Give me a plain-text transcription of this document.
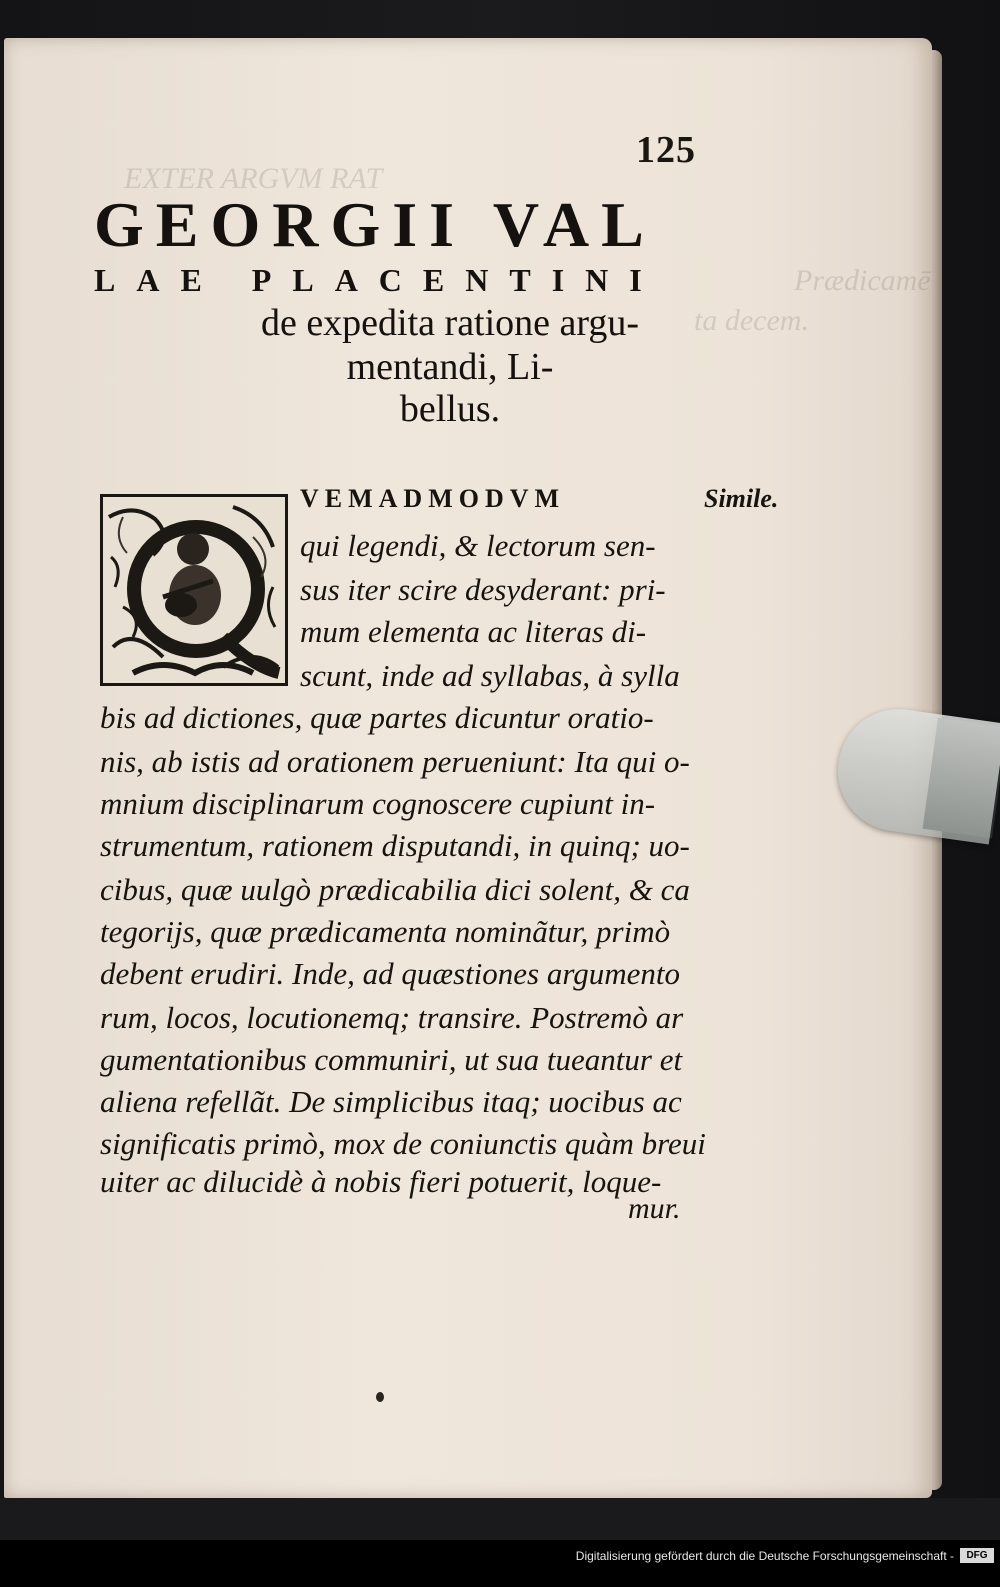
EXTER ARGVM RAT
Prædicamē
ta decem.
125
GEORGII VAL
LAE PLACENTINI
de expedita ratione argu-
mentandi, Li-
bellus.
VEMADMODVM	Simile.
qui legendi, & lectorum sen-
sus iter scire desyderant: pri-
mum elementa ac literas di-
scunt, inde ad syllabas, à sylla
bis ad dictiones, quæ partes dicuntur oratio-
nis, ab istis ad orationem perueniunt: Ita qui o-
mnium disciplinarum cognoscere cupiunt in-
strumentum, rationem disputandi, in quinq; uo-
cibus, quæ uulgò prædicabilia dici solent, & ca
tegorijs, quæ prædicamenta nominãtur, primò
debent erudiri. Inde, ad quæstiones argumento
rum, locos, locutionemq; transire. Postremò ar
gumentationibus communiri, ut sua tueantur et
aliena refellãt. De simplicibus itaq; uocibus ac
significatis primò, mox de coniunctis quàm breui
uiter ac dilucidè à nobis fieri potuerit, loque-
mur.
Digitalisierung gefördert durch die Deutsche Forschungsgemeinschaft -	DFG
